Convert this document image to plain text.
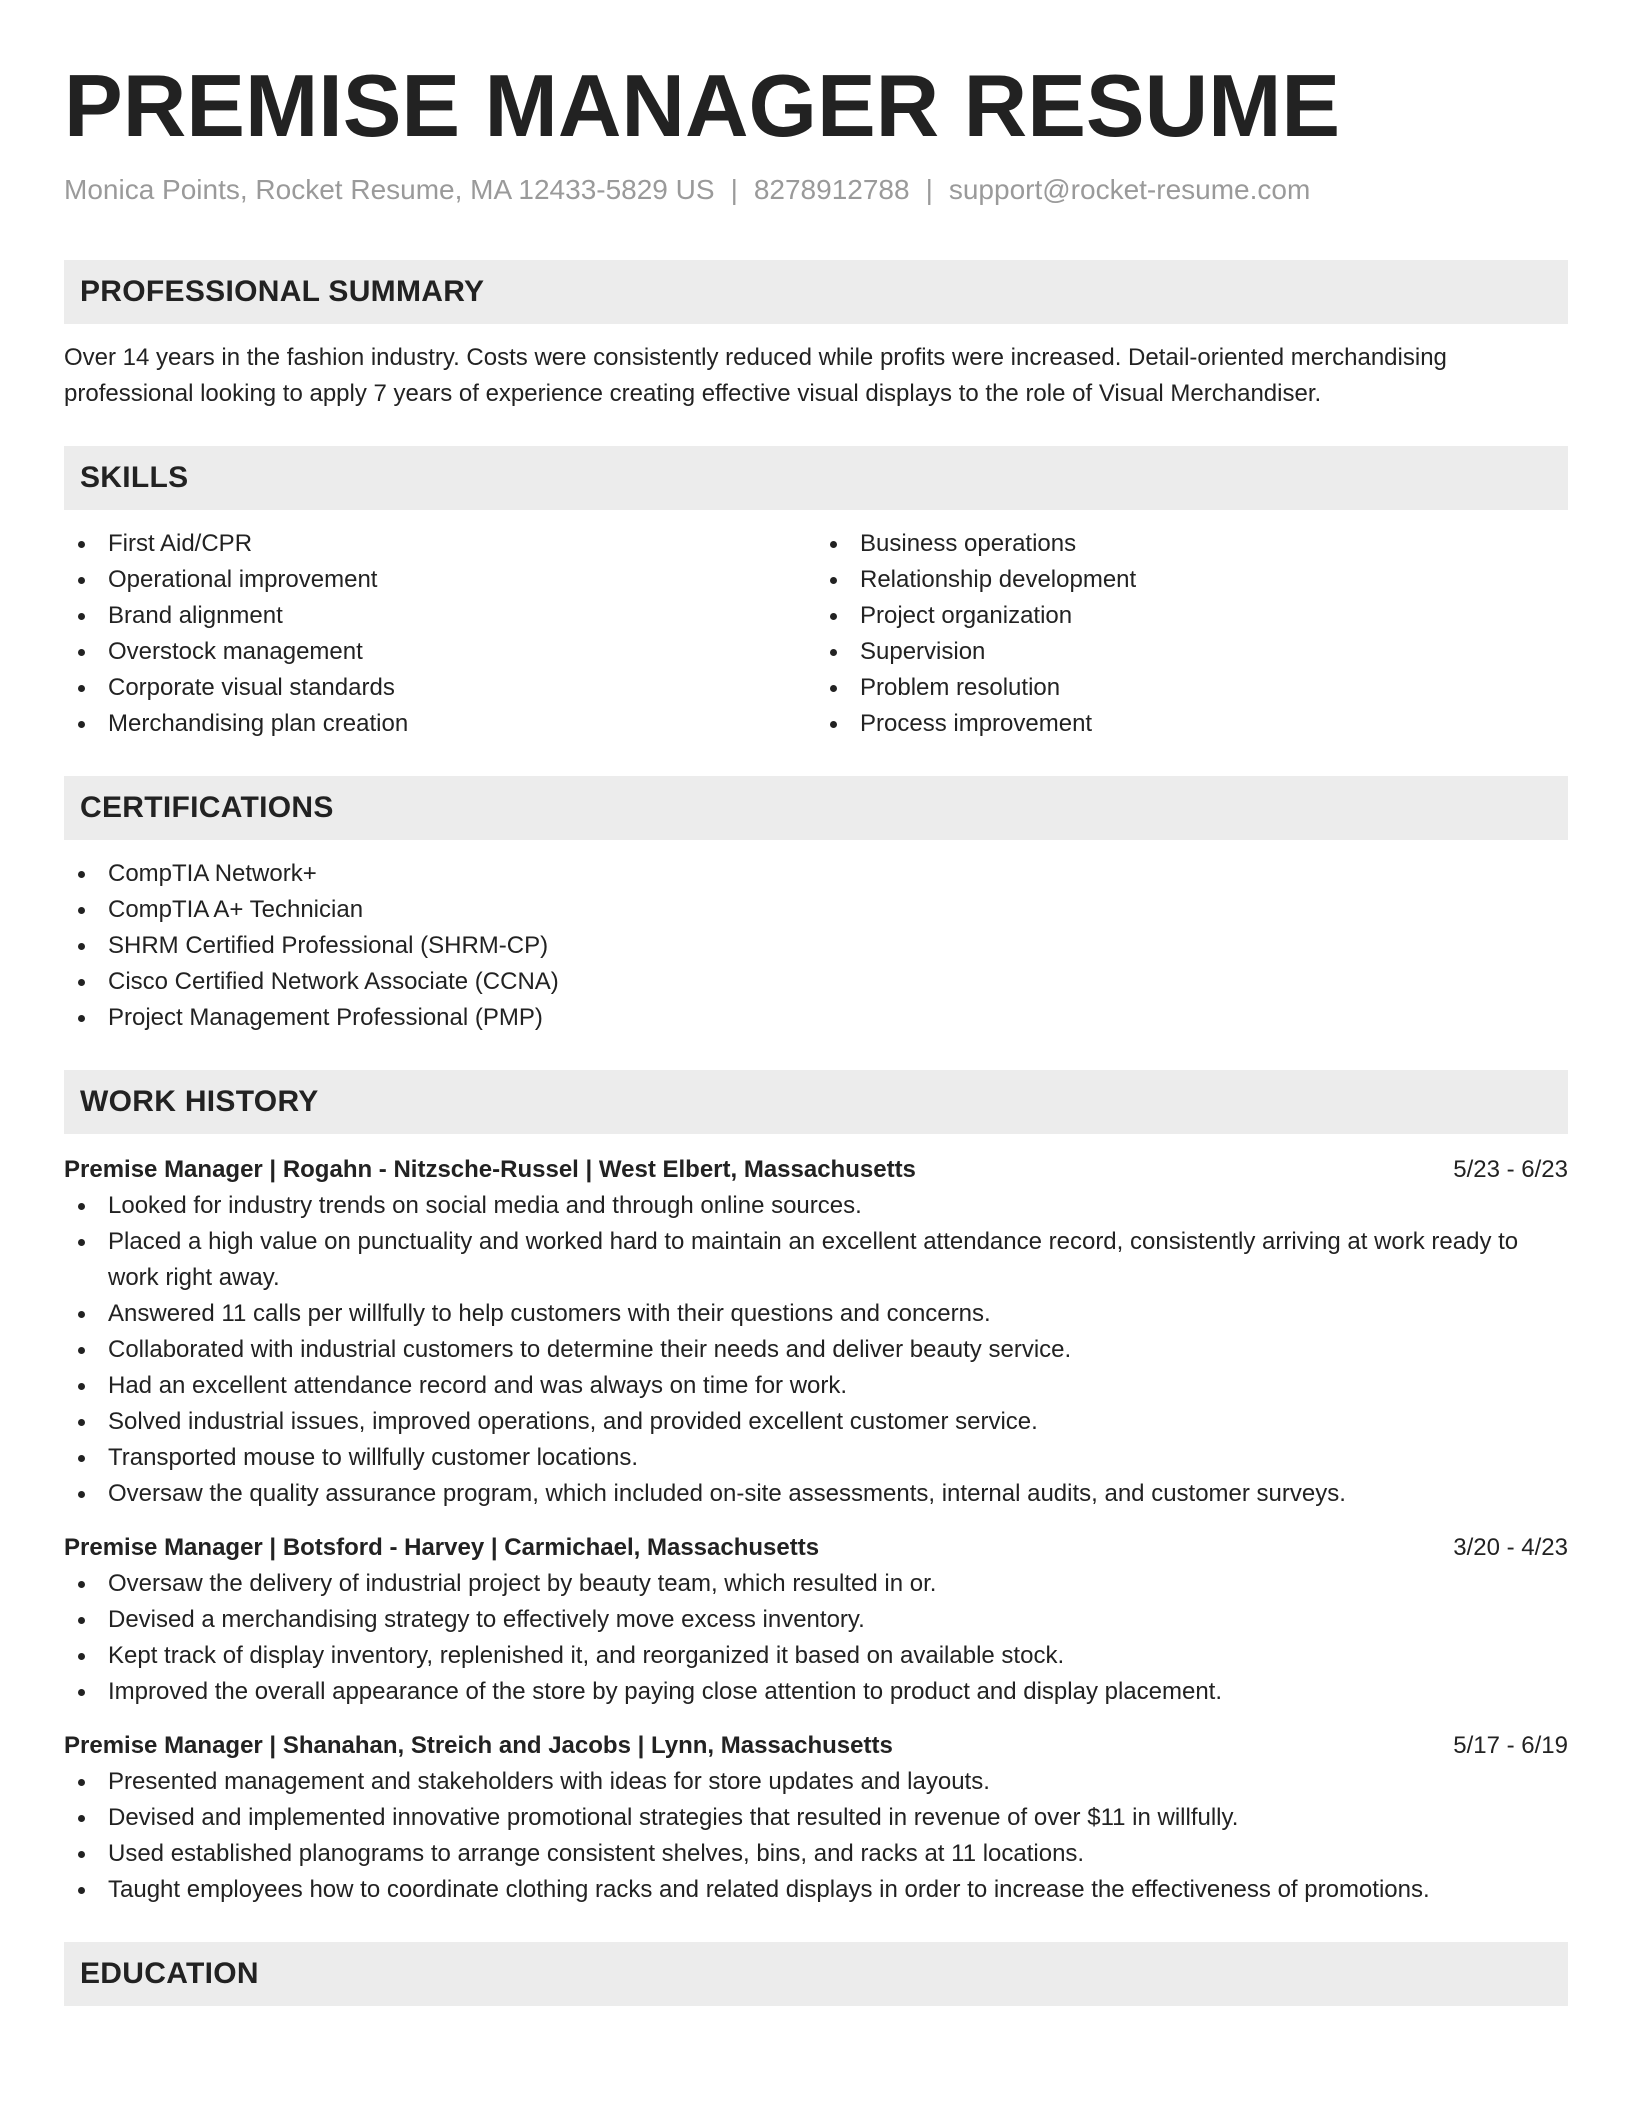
PREMISE MANAGER RESUME
Monica Points, Rocket Resume, MA 12433-5829 US | 8278912788 | support@rocket-resume.com
PROFESSIONAL SUMMARY

Over 14 years in the fashion industry. Costs were consistently reduced while profits were increased. Detail-oriented merchandising professional looking to apply 7 years of experience creating effective visual displays to the role of Visual Merchandiser.

SKILLS
First Aid/CPR
Operational improvement
Brand alignment
Overstock management
Corporate visual standards
Merchandising plan creation
Business operations
Relationship development
Project organization
Supervision
Problem resolution
Process improvement
CERTIFICATIONS
CompTIA Network+
CompTIA A+ Technician
SHRM Certified Professional (SHRM-CP)
Cisco Certified Network Associate (CCNA)
Project Management Professional (PMP)
WORK HISTORY
Premise Manager | Rogahn - Nitzsche-Russel | West Elbert, Massachusetts	5/23 - 6/23
Looked for industry trends on social media and through online sources.
Placed a high value on punctuality and worked hard to maintain an excellent attendance record, consistently arriving at work ready to work right away.
Answered 11 calls per willfully to help customers with their questions and concerns.
Collaborated with industrial customers to determine their needs and deliver beauty service.
Had an excellent attendance record and was always on time for work.
Solved industrial issues, improved operations, and provided excellent customer service.
Transported mouse to willfully customer locations.
Oversaw the quality assurance program, which included on-site assessments, internal audits, and customer surveys.
Premise Manager | Botsford - Harvey | Carmichael, Massachusetts	3/20 - 4/23
Oversaw the delivery of industrial project by beauty team, which resulted in or.
Devised a merchandising strategy to effectively move excess inventory.
Kept track of display inventory, replenished it, and reorganized it based on available stock.
Improved the overall appearance of the store by paying close attention to product and display placement.
Premise Manager | Shanahan, Streich and Jacobs | Lynn, Massachusetts	5/17 - 6/19
Presented management and stakeholders with ideas for store updates and layouts.
Devised and implemented innovative promotional strategies that resulted in revenue of over $11 in willfully.
Used established planograms to arrange consistent shelves, bins, and racks at 11 locations.
Taught employees how to coordinate clothing racks and related displays in order to increase the effectiveness of promotions.
EDUCATION
